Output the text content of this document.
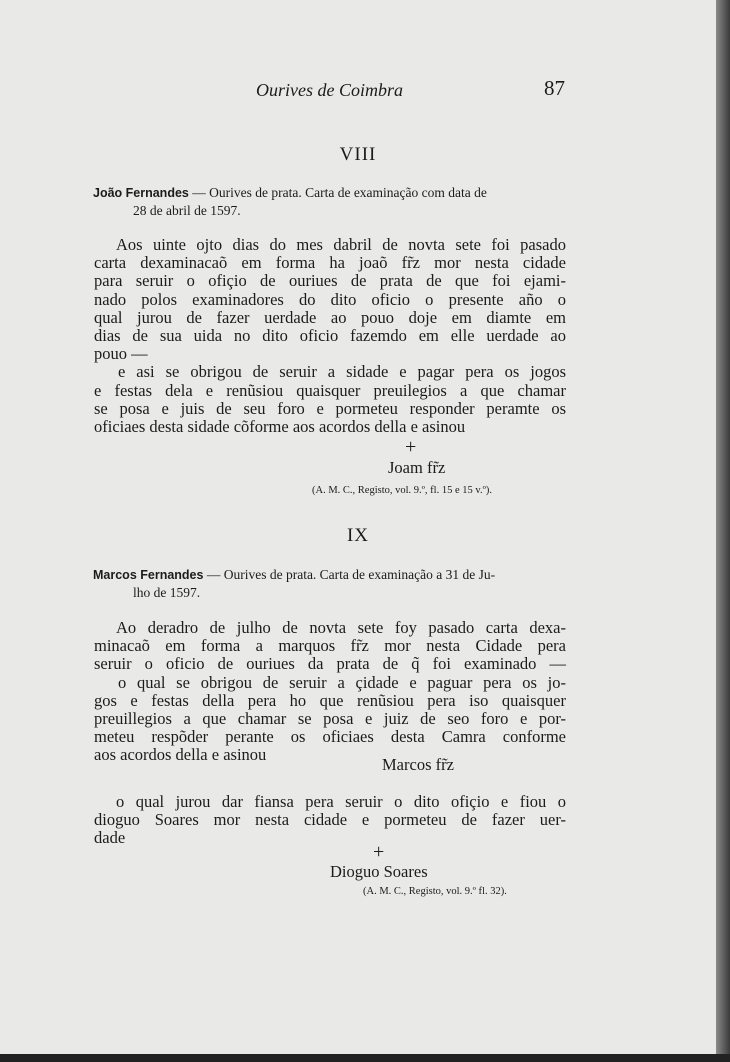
Ourives de Coimbra	87
VIII
João Fernandes — Ourives de prata. Carta de examinação com data de
28 de abril de 1597.
Aos uinte ojto dias do mes dabril de novta sete foi pasado
carta dexaminacaõ em forma ha joaõ fr̃z mor nesta cidade
para seruir o ofiçio de ouriues de prata de que foi ejami-
nado polos examinadores do dito oficio o presente año o
qual jurou de fazer uerdade ao pouo doje em diamte em
dias de sua uida no dito oficio fazemdo em elle uerdade ao
pouo —
e asi se obrigou de seruir a sidade e pagar pera os jogos
e festas dela e renũsiou quaisquer preuilegios a que chamar
se posa e juis de seu foro e pormeteu responder peramte os
oficiaes desta sidade cõforme aos acordos della e asinou
+
Joam fr̃z
(A. M. C., Registo, vol. 9.º, fl. 15 e 15 v.º).
IX
Marcos Fernandes — Ourives de prata. Carta de examinação a 31 de Ju-
lho de 1597.
Ao deradro de julho de novta sete foy pasado carta dexa-
minacaõ em forma a marquos fr̃z mor nesta Cidade pera
seruir o oficio de ouriues da prata de q̃ foi examinado —
o qual se obrigou de seruir a çidade e paguar pera os jo-
gos e festas della pera ho que renũsiou pera iso quaisquer
preuillegios a que chamar se posa e juiz de seo foro e por-
meteu respõder perante os oficiaes desta Camra conforme
aos acordos della e asinou
Marcos fr̃z
o qual jurou dar fiansa pera seruir o dito ofiçio e fiou o
dioguo Soares mor nesta cidade e pormeteu de fazer uer-
dade
+
Dioguo Soares
(A. M. C., Registo, vol. 9.º fl. 32).
